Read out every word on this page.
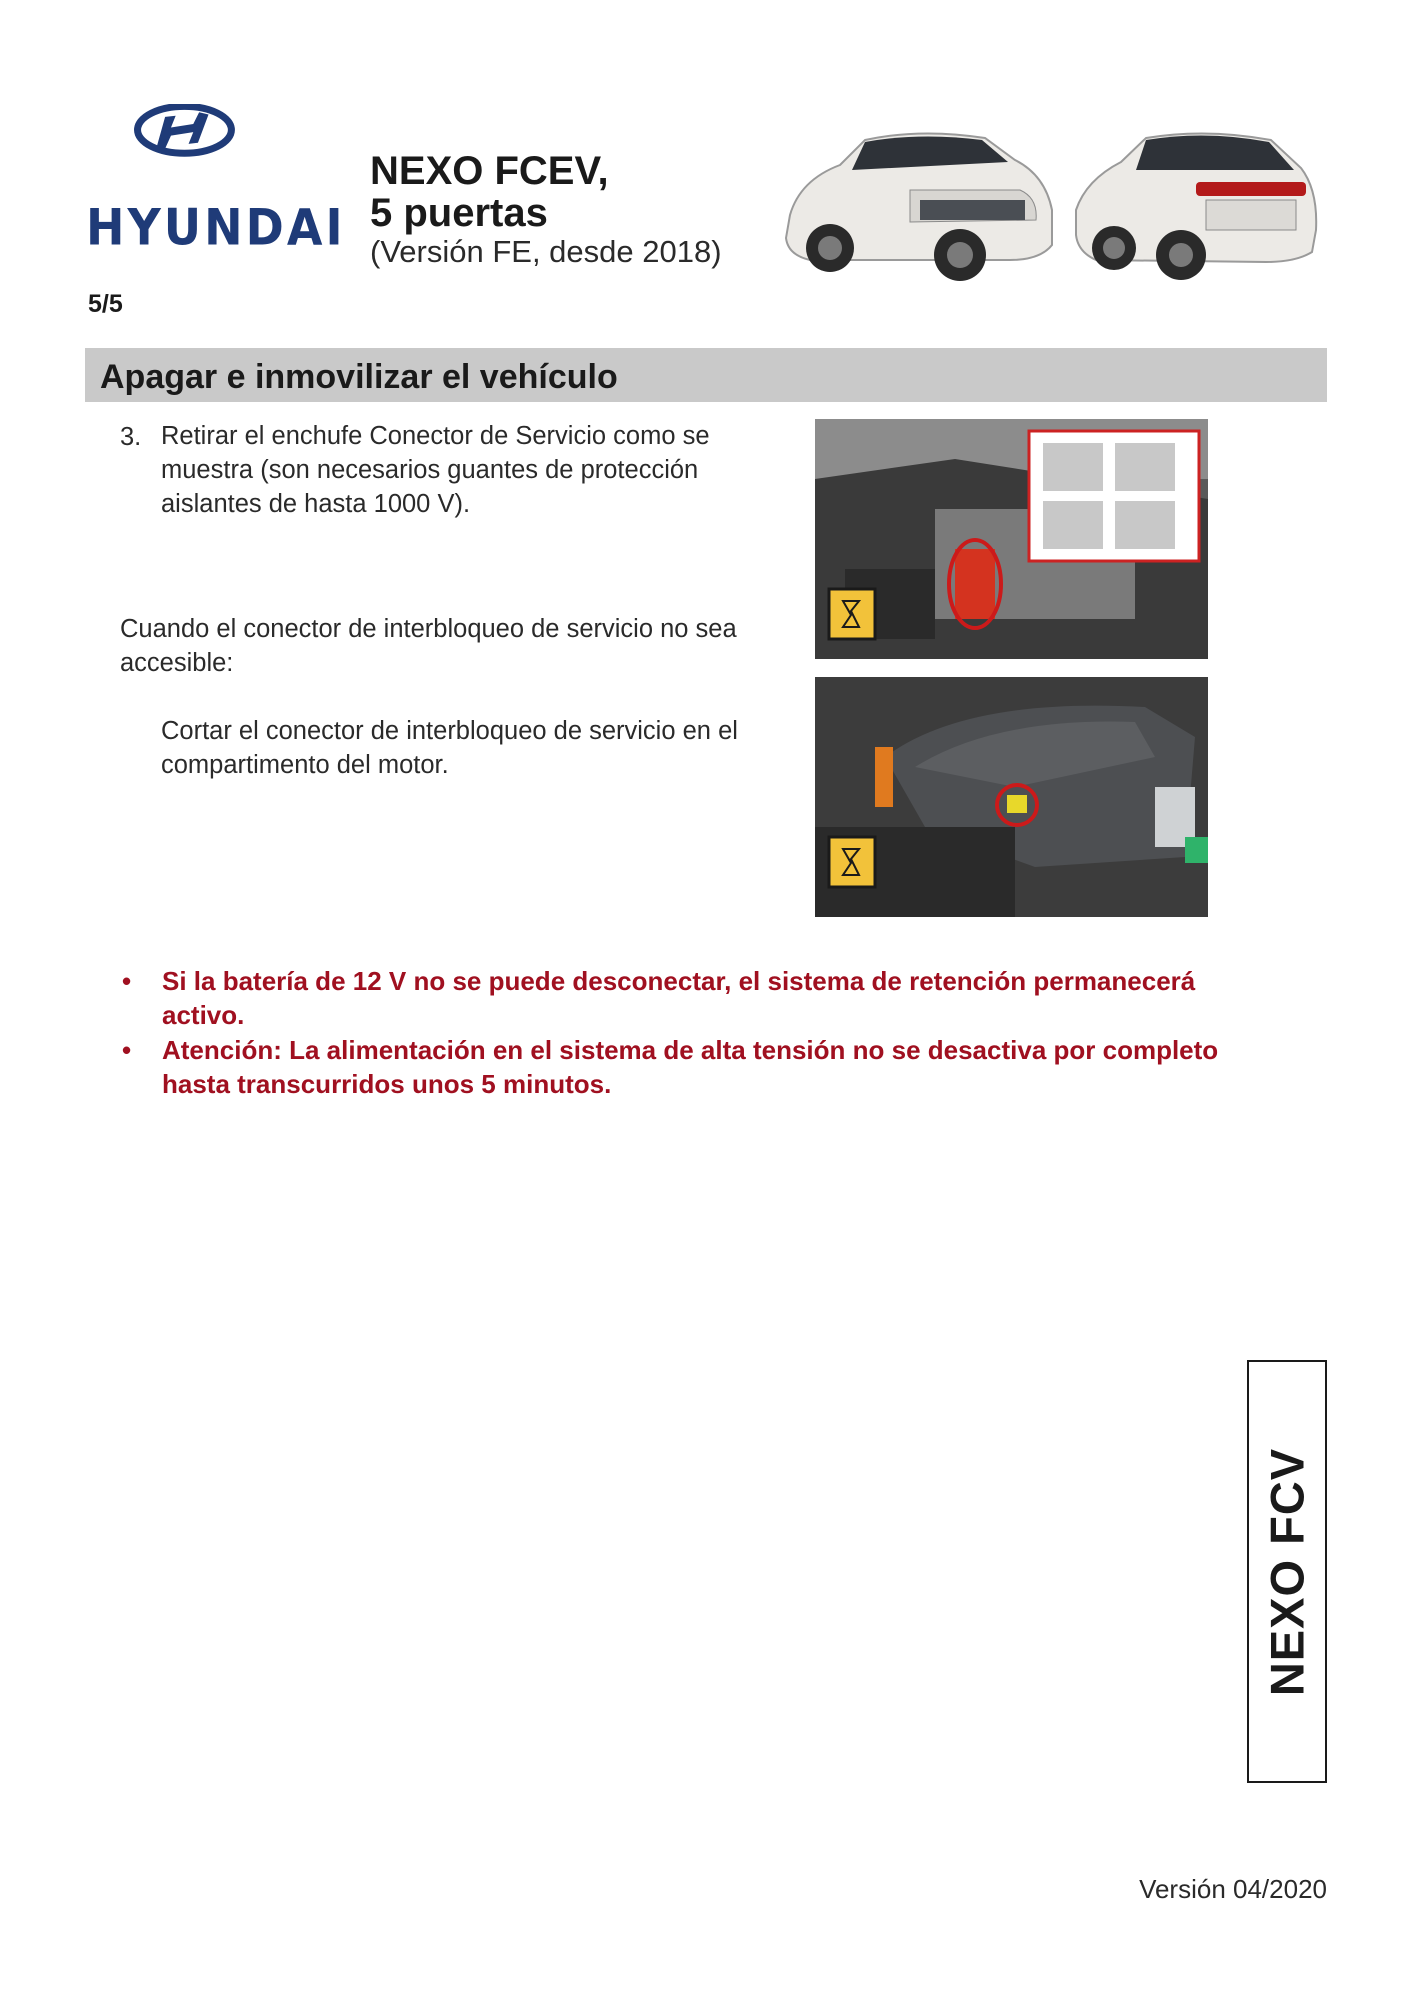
HYUNDAI
NEXO FCEV,
5 puertas
(Versión FE, desde 2018)
5/5
Apagar e inmovilizar el vehículo
3. Retirar el enchufe Conector de Servicio como se muestra (son necesarios guantes de protección aislantes de hasta 1000 V).
Cuando el conector de interbloqueo de servicio no sea accesible:
Cortar el conector de interbloqueo de servicio en el compartimento del motor.
• Si la batería de 12 V no se puede desconectar, el sistema de retención permanecerá activo.
• Atención: La alimentación en el sistema de alta tensión no se desactiva por completo hasta transcurridos unos 5 minutos.
NEXO FCV
Versión 04/2020
